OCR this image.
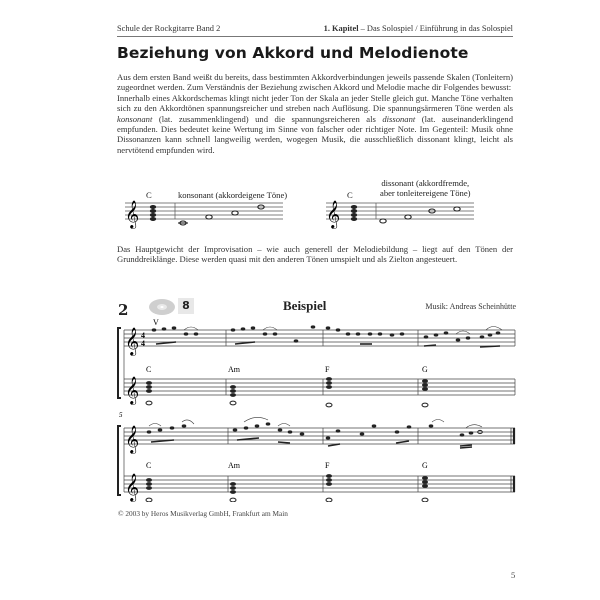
Schule der Rockgitarre Band 2	1. Kapitel – Das Solospiel / Einführung in das Solospiel
Beziehung von Akkord und Melodienote

Aus dem ersten Band weißt du bereits, dass bestimmten Akkordverbindungen jeweils passende Skalen (Tonleitern) zugeordnet werden. Zum Verständnis der Beziehung zwischen Akkord und Melodie mache dir Folgendes bewusst:

Innerhalb eines Akkordschemas klingt nicht jeder Ton der Skala an jeder Stelle gleich gut. Manche Töne verhalten sich zu den Akkordtönen spannungsreicher und streben nach Auflösung. Die spannungsärmeren Töne werden als konsonant (lat. zusammenklingend) und die spannungsreicheren als dissonant (lat. auseinanderklingend empfunden. Dies bedeutet keine Wertung im Sinne von falscher oder richtiger Note. Im Gegenteil: Musik ohne Dissonanzen kann schnell langweilig werden, wogegen Musik, die ausschließlich dissonant klingt, leicht als nervtötend empfunden wird.

C	konsonant (akkordeigene Töne)
𝄞
C
dissonant (akkordfremde,
aber tonleitereigene Töne)
𝄞
Das Hauptgewicht der Improvisation – wie auch generell der Melodiebildung – liegt auf den Tönen der Grunddreiklänge. Diese werden quasi mit den anderen Tönen umspielt und als Zielton angesteuert.
2	8	Beispiel	Musik: Andreas Scheinhütte
𝄞
𝄞
4
4
V
C	Am	F	G
5
𝄞
𝄞
C	Am	F	G
© 2003 by Heros Musikverlag GmbH, Frankfurt am Main
5
